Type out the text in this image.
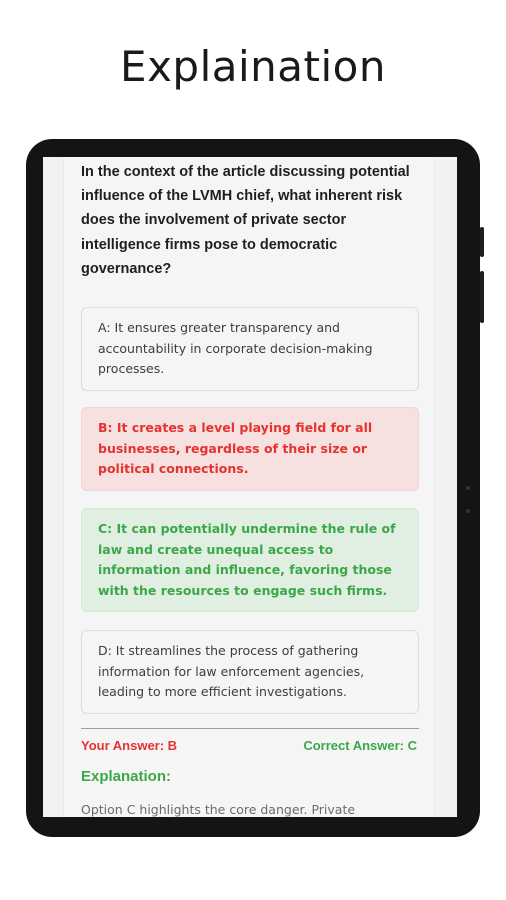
Explaination
In the context of the article discussing potential influence of the LVMH chief, what inherent risk does the involvement of private sector intelligence firms pose to democratic governance?
A: It ensures greater transparency and accountability in corporate decision-making processes.
B: It creates a level playing field for all businesses, regardless of their size or political connections.
C: It can potentially undermine the rule of law and create unequal access to information and influence, favoring those with the resources to engage such firms.
D: It streamlines the process of gathering information for law enforcement agencies, leading to more efficient investigations.
Your Answer: B	Correct Answer: C
Explanation:
Option C highlights the core danger. Private
